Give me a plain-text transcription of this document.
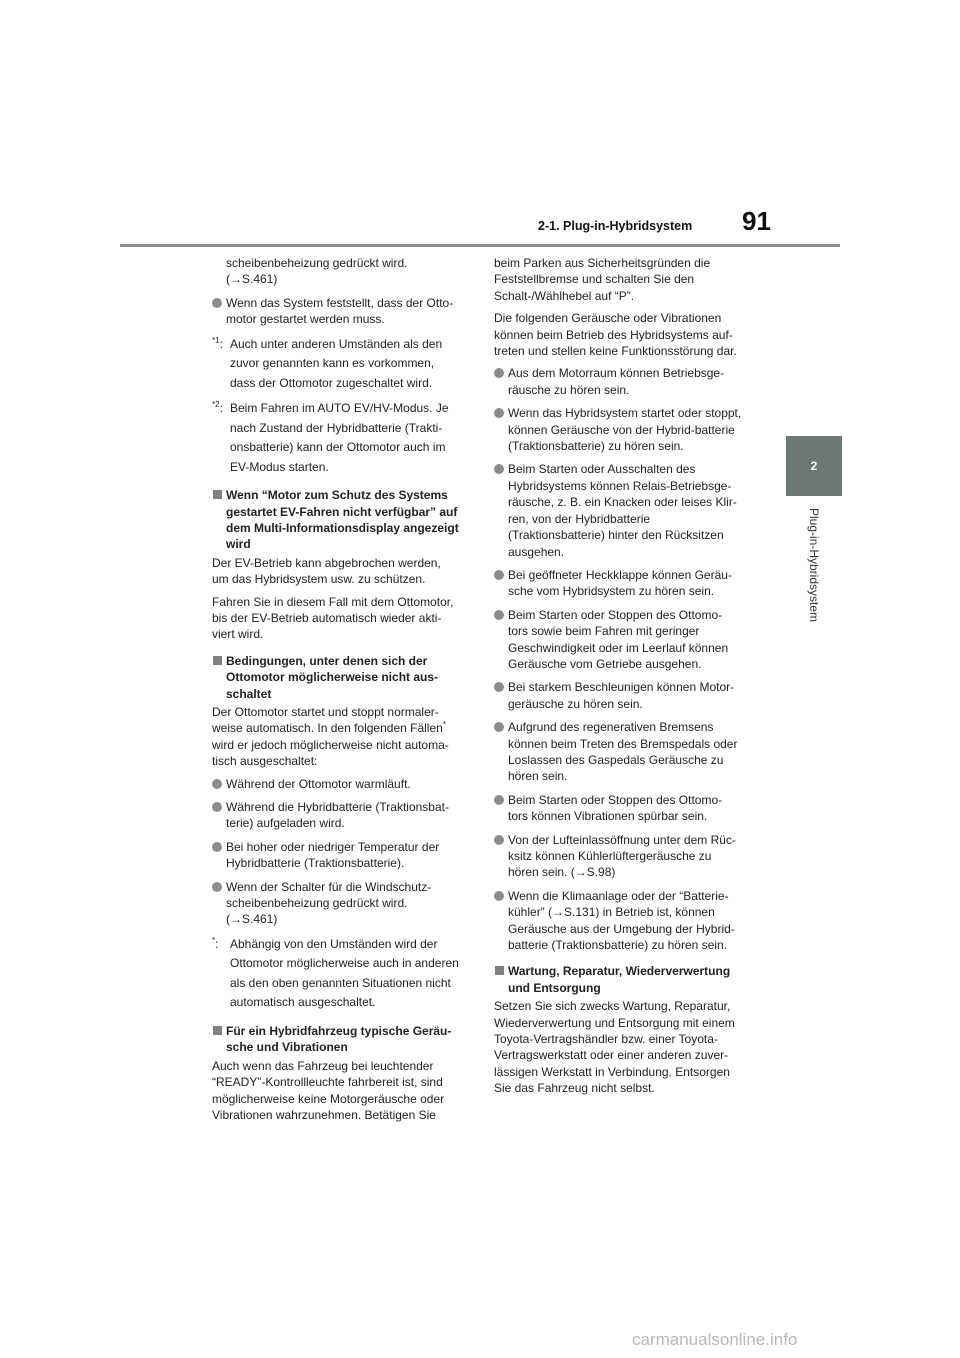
2-1. Plug-in-Hybridsystem 91
2
Plug-in-Hybridsystem

scheibenbeheizung gedrückt wird. (→S.461)

Wenn das System feststellt, dass der Otto-motor gestartet werden muss.
$^{*1}$: Auch unter anderen Umständen als den zuvor genannten kann es vorkommen, dass der Ottomotor zugeschaltet wird.
$^{*2}$: Beim Fahren im AUTO EV/HV-Modus. Je nach Zustand der Hybridbatterie (Trakti-onsbatterie) kann der Ottomotor auch im EV-Modus starten.
Wenn “Motor zum Schutz des Systems gestartet EV-Fahren nicht verfügbar” auf dem Multi-Informationsdisplay angezeigt wird

Der EV-Betrieb kann abgebrochen werden, um das Hybridsystem usw. zu schützen.

Fahren Sie in diesem Fall mit dem Ottomotor, bis der EV-Betrieb automatisch wieder akti-viert wird.

Bedingungen, unter denen sich der Ottomotor möglicherweise nicht aus-schaltet

Der Ottomotor startet und stoppt normaler-weise automatisch. In den folgenden Fällen* wird er jedoch möglicherweise nicht automa-tisch ausgeschaltet:

Während der Ottomotor warmläuft.
Während die Hybridbatterie (Traktionsbat-terie) aufgeladen wird.
Bei hoher oder niedriger Temperatur der Hybridbatterie (Traktionsbatterie).
Wenn der Schalter für die Windschutz-scheibenbeheizung gedrückt wird. (→S.461)
*: Abhängig von den Umständen wird der Ottomotor möglicherweise auch in anderen als den oben genannten Situationen nicht automatisch ausgeschaltet.
Für ein Hybridfahrzeug typische Geräu-sche und Vibrationen

Auch wenn das Fahrzeug bei leuchtender “READY”-Kontrollleuchte fahrbereit ist, sind möglicherweise keine Motorgeräusche oder Vibrationen wahrzunehmen. Betätigen Sie

beim Parken aus Sicherheitsgründen die Feststellbremse und schalten Sie den Schalt-/Wählhebel auf “P”.

Die folgenden Geräusche oder Vibrationen können beim Betrieb des Hybridsystems auf-treten und stellen keine Funktionsstörung dar.

Aus dem Motorraum können Betriebsge-räusche zu hören sein.
Wenn das Hybridsystem startet oder stoppt, können Geräusche von der Hybrid-batterie (Traktionsbatterie) zu hören sein.
Beim Starten oder Ausschalten des Hybridsystems können Relais-Betriebsge-räusche, z. B. ein Knacken oder leises Klir-ren, von der Hybridbatterie (Traktionsbatterie) hinter den Rücksitzen ausgehen.
Bei geöffneter Heckklappe können Geräu-sche vom Hybridsystem zu hören sein.
Beim Starten oder Stoppen des Ottomo-tors sowie beim Fahren mit geringer Geschwindigkeit oder im Leerlauf können Geräusche vom Getriebe ausgehen.
Bei starkem Beschleunigen können Motor-geräusche zu hören sein.
Aufgrund des regenerativen Bremsens können beim Treten des Bremspedals oder Loslassen des Gaspedals Geräusche zu hören sein.
Beim Starten oder Stoppen des Ottomo-tors können Vibrationen spürbar sein.
Von der Lufteinlassöffnung unter dem Rüc-ksitz können Kühlerlüftergeräusche zu hören sein. (→S.98)
Wenn die Klimaanlage oder der “Batterie-kühler” (→S.131) in Betrieb ist, können Geräusche aus der Umgebung der Hybrid-batterie (Traktionsbatterie) zu hören sein.
Wartung, Reparatur, Wiederverwertung und Entsorgung

Setzen Sie sich zwecks Wartung, Reparatur, Wiederverwertung und Entsorgung mit einem Toyota-Vertragshändler bzw. einer Toyota-Vertragswerkstatt oder einer anderen zuver-lässigen Werkstatt in Verbindung. Entsorgen Sie das Fahrzeug nicht selbst.

carmanualsonline.info
